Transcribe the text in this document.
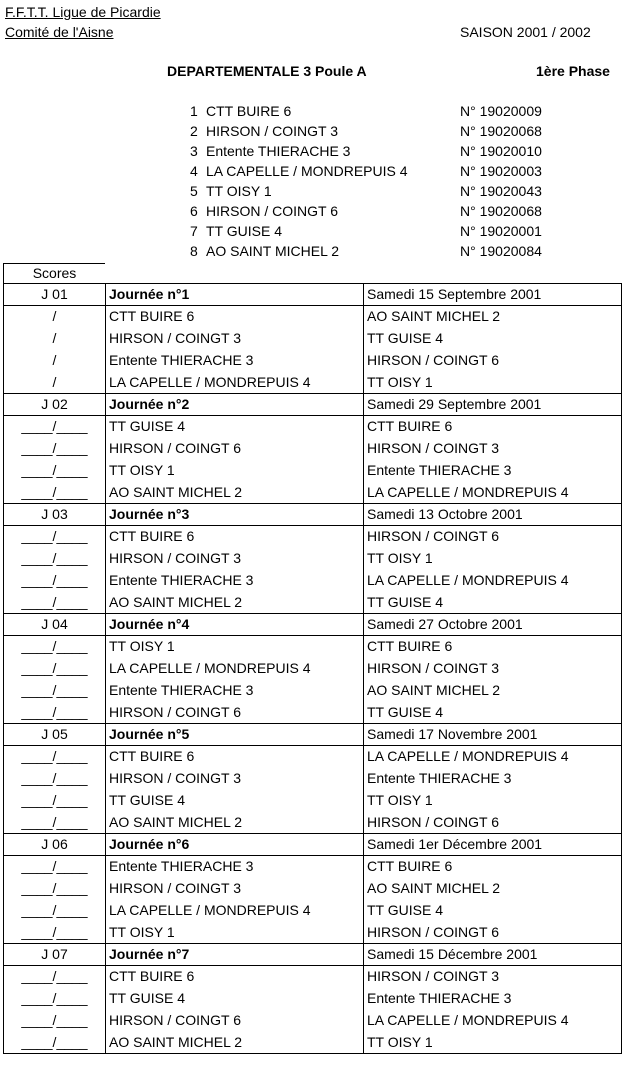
F.F.T.T. Ligue de Picardie
Comité de l'Aisne	SAISON 2001 / 2002
DEPARTEMENTALE 3 Poule A	1ère Phase
1 CTT BUIRE 6	N° 19020009
2 HIRSON / COINGT 3	N° 19020068
3 Entente THIERACHE 3	N° 19020010
4 LA CAPELLE / MONDREPUIS 4	N° 19020003
5 TT OISY 1	N° 19020043
6 HIRSON / COINGT 6	N° 19020068
7 TT GUISE 4	N° 19020001
8 AO SAINT MICHEL 2	N° 19020084
Scores
J 01	Journée n°1	Samedi 15 Septembre 2001
/	CTT BUIRE 6	AO SAINT MICHEL 2
/	HIRSON / COINGT 3	TT GUISE 4
/	Entente THIERACHE 3	HIRSON / COINGT 6
/	LA CAPELLE / MONDREPUIS 4	TT OISY 1
J 02	Journée n°2	Samedi 29 Septembre 2001
____/____	TT GUISE 4	CTT BUIRE 6
____/____	HIRSON / COINGT 6	HIRSON / COINGT 3
____/____	TT OISY 1	Entente THIERACHE 3
____/____	AO SAINT MICHEL 2	LA CAPELLE / MONDREPUIS 4
J 03	Journée n°3	Samedi 13 Octobre 2001
____/____	CTT BUIRE 6	HIRSON / COINGT 6
____/____	HIRSON / COINGT 3	TT OISY 1
____/____	Entente THIERACHE 3	LA CAPELLE / MONDREPUIS 4
____/____	AO SAINT MICHEL 2	TT GUISE 4
J 04	Journée n°4	Samedi 27 Octobre 2001
____/____	TT OISY 1	CTT BUIRE 6
____/____	LA CAPELLE / MONDREPUIS 4	HIRSON / COINGT 3
____/____	Entente THIERACHE 3	AO SAINT MICHEL 2
____/____	HIRSON / COINGT 6	TT GUISE 4
J 05	Journée n°5	Samedi 17 Novembre 2001
____/____	CTT BUIRE 6	LA CAPELLE / MONDREPUIS 4
____/____	HIRSON / COINGT 3	Entente THIERACHE 3
____/____	TT GUISE 4	TT OISY 1
____/____	AO SAINT MICHEL 2	HIRSON / COINGT 6
J 06	Journée n°6	Samedi 1er Décembre 2001
____/____	Entente THIERACHE 3	CTT BUIRE 6
____/____	HIRSON / COINGT 3	AO SAINT MICHEL 2
____/____	LA CAPELLE / MONDREPUIS 4	TT GUISE 4
____/____	TT OISY 1	HIRSON / COINGT 6
J 07	Journée n°7	Samedi 15 Décembre 2001
____/____	CTT BUIRE 6	HIRSON / COINGT 3
____/____	TT GUISE 4	Entente THIERACHE 3
____/____	HIRSON / COINGT 6	LA CAPELLE / MONDREPUIS 4
____/____	AO SAINT MICHEL 2	TT OISY 1
